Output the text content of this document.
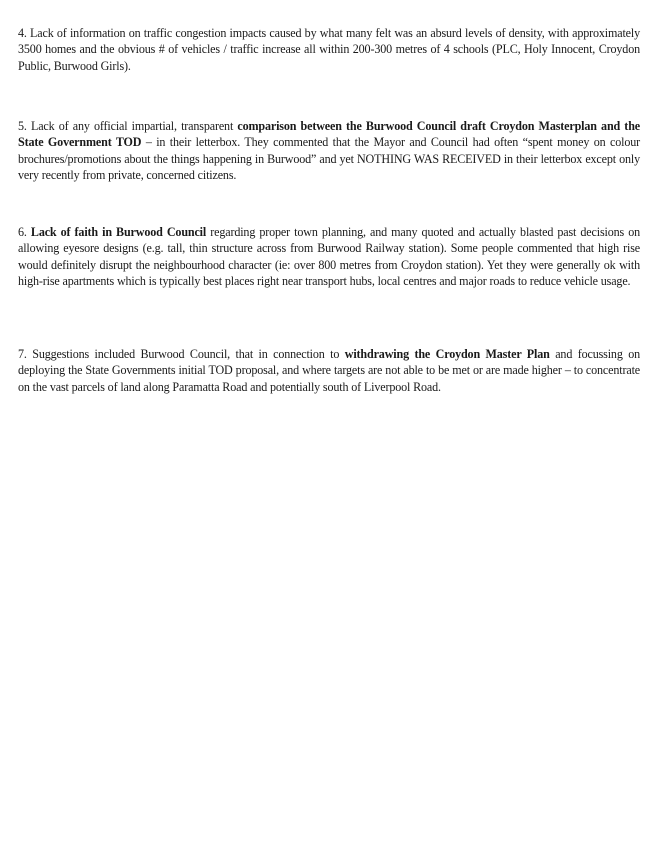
4. Lack of information on traffic congestion impacts caused by what many felt was an absurd levels of density, with approximately 3500 homes and the obvious # of vehicles / traffic increase all within 200-300 metres of 4 schools (PLC, Holy Innocent, Croydon Public, Burwood Girls).

5. Lack of any official impartial, transparent comparison between the Burwood Council draft Croydon Masterplan and the State Government TOD – in their letterbox. They commented that the Mayor and Council had often “spent money on colour brochures/promotions about the things happening in Burwood” and yet NOTHING WAS RECEIVED in their letterbox except only very recently from private, concerned citizens.

6. Lack of faith in Burwood Council regarding proper town planning, and many quoted and actually blasted past decisions on allowing eyesore designs (e.g. tall, thin structure across from Burwood Railway station). Some people commented that high rise would definitely disrupt the neighbourhood character (ie: over 800 metres from Croydon station). Yet they were generally ok with high-rise apartments which is typically best places right near transport hubs, local centres and major roads to reduce vehicle usage.

7. Suggestions included Burwood Council, that in connection to withdrawing the Croydon Master Plan and focussing on deploying the State Governments initial TOD proposal, and where targets are not able to be met or are made higher – to concentrate on the vast parcels of land along Paramatta Road and potentially south of Liverpool Road.
